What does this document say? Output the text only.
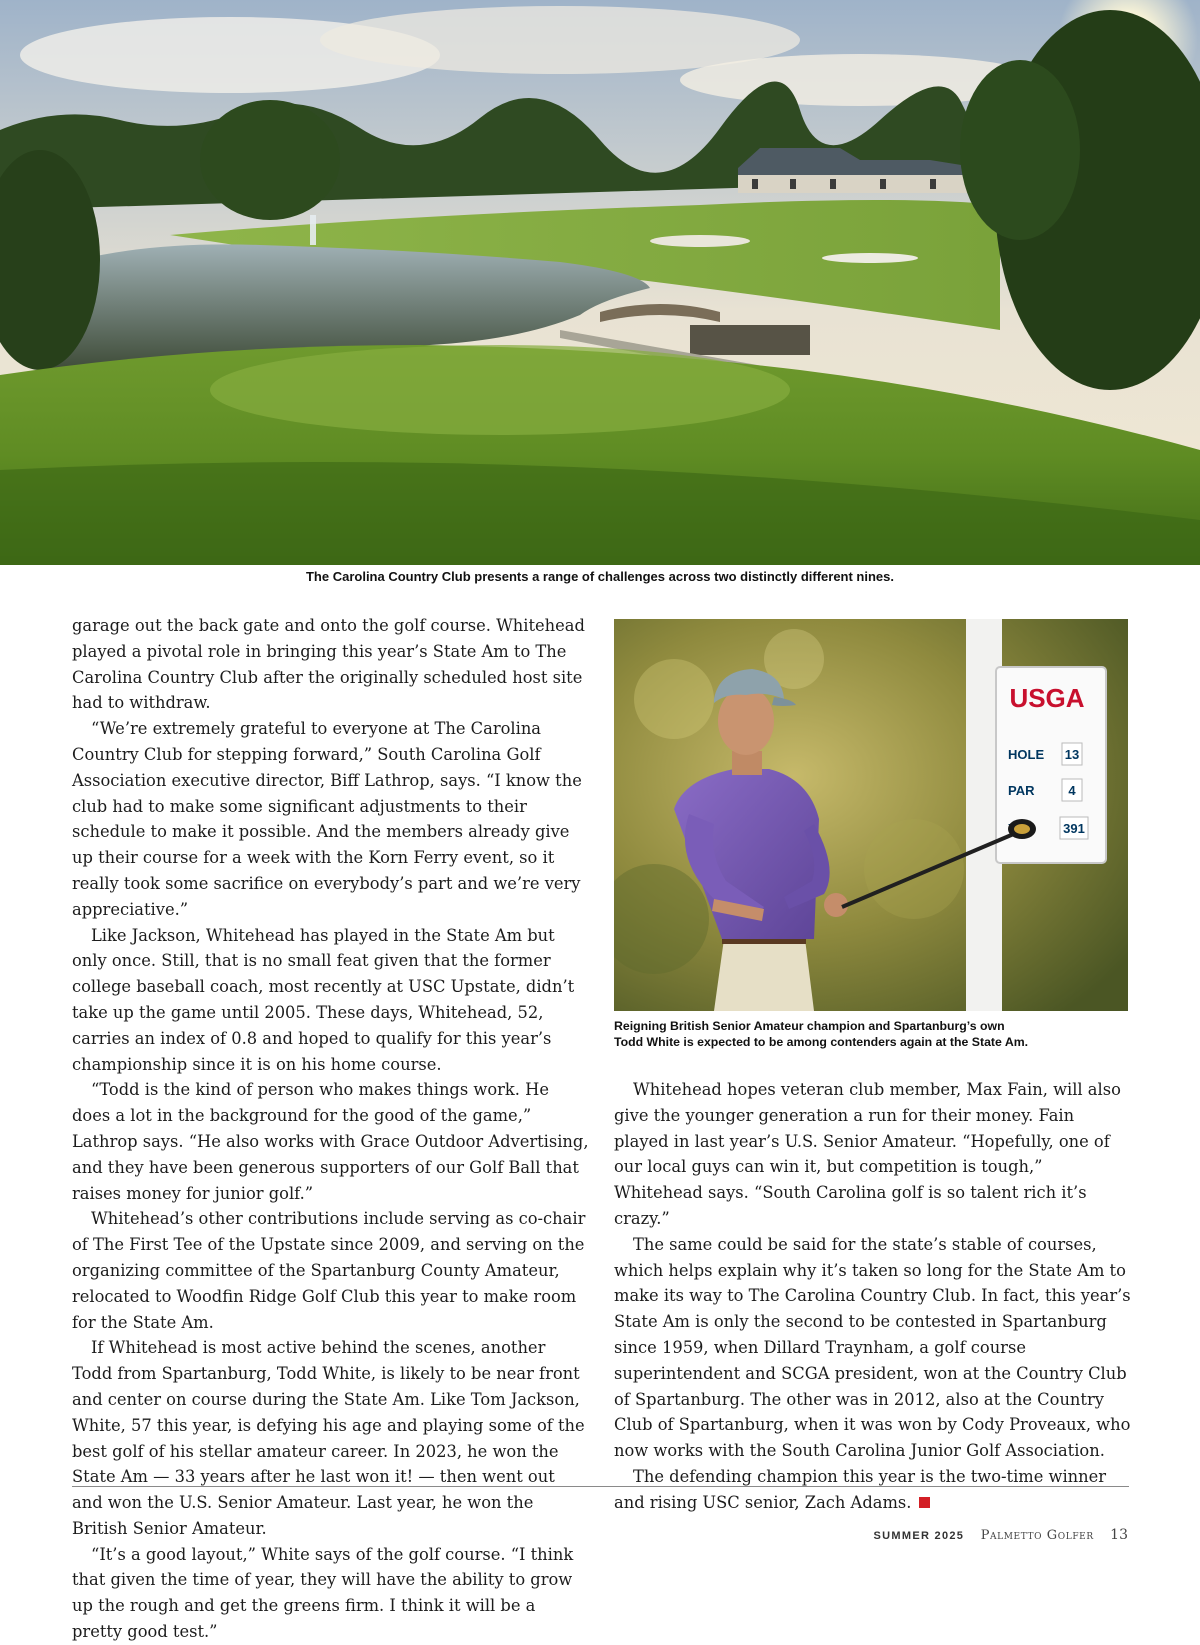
The Carolina Country Club presents a range of challenges across two distinctly different nines.

garage out the back gate and onto the golf course. Whitehead played a pivotal role in bringing this year’s State Am to The Carolina Country Club after the originally scheduled host site had to withdraw.

“We’re extremely grateful to everyone at The Carolina Country Club for stepping forward,” South Carolina Golf Association executive director, Biff Lathrop, says. “I know the club had to make some significant adjustments to their schedule to make it possible. And the members already give up their course for a week with the Korn Ferry event, so it really took some sacrifice on everybody’s part and we’re very appreciative.”

Like Jackson, Whitehead has played in the State Am but only once. Still, that is no small feat given that the former college baseball coach, most recently at USC Upstate, didn’t take up the game until 2005. These days, Whitehead, 52, carries an index of 0.8 and hoped to qualify for this year’s championship since it is on his home course.

“Todd is the kind of person who makes things work. He does a lot in the background for the good of the game,” Lathrop says. “He also works with Grace Outdoor Advertising, and they have been generous supporters of our Golf Ball that raises money for junior golf.”

Whitehead’s other contributions include serving as co-chair of The First Tee of the Upstate since 2009, and serving on the organizing committee of the Spartanburg County Amateur, relocated to Woodfin Ridge Golf Club this year to make room for the State Am.

If Whitehead is most active behind the scenes, another Todd from Spartanburg, Todd White, is likely to be near front and center on course during the State Am. Like Tom Jackson, White, 57 this year, is defying his age and playing some of the best golf of his stellar amateur career. In 2023, he won the State Am — 33 years after he last won it! — then went out and won the U.S. Senior Amateur. Last year, he won the British Senior Amateur.

“It’s a good layout,” White says of the golf course. “I think that given the time of year, they will have the ability to grow up the rough and get the greens firm. I think it will be a pretty good test.”

USGA
HOLE 13
PAR	4
391
Reigning British Senior Amateur champion and Spartanburg’s own
Todd White is expected to be among contenders again at the State Am.

Whitehead hopes veteran club member, Max Fain, will also give the younger generation a run for their money. Fain played in last year’s U.S. Senior Amateur. “Hopefully, one of our local guys can win it, but competition is tough,” Whitehead says. “South Carolina golf is so talent rich it’s crazy.”

The same could be said for the state’s stable of courses, which helps explain why it’s taken so long for the State Am to make its way to The Carolina Country Club. In fact, this year’s State Am is only the second to be contested in Spartanburg since 1959, when Dillard Traynham, a golf course superintendent and SCGA president, won at the Country Club of Spartanburg. The other was in 2012, also at the Country Club of Spartanburg, when it was won by Cody Proveaux, who now works with the South Carolina Junior Golf Association.

The defending champion this year is the two-time winner and rising USC senior, Zach Adams.

SUMMER 2025 Palmetto Golfer 13
